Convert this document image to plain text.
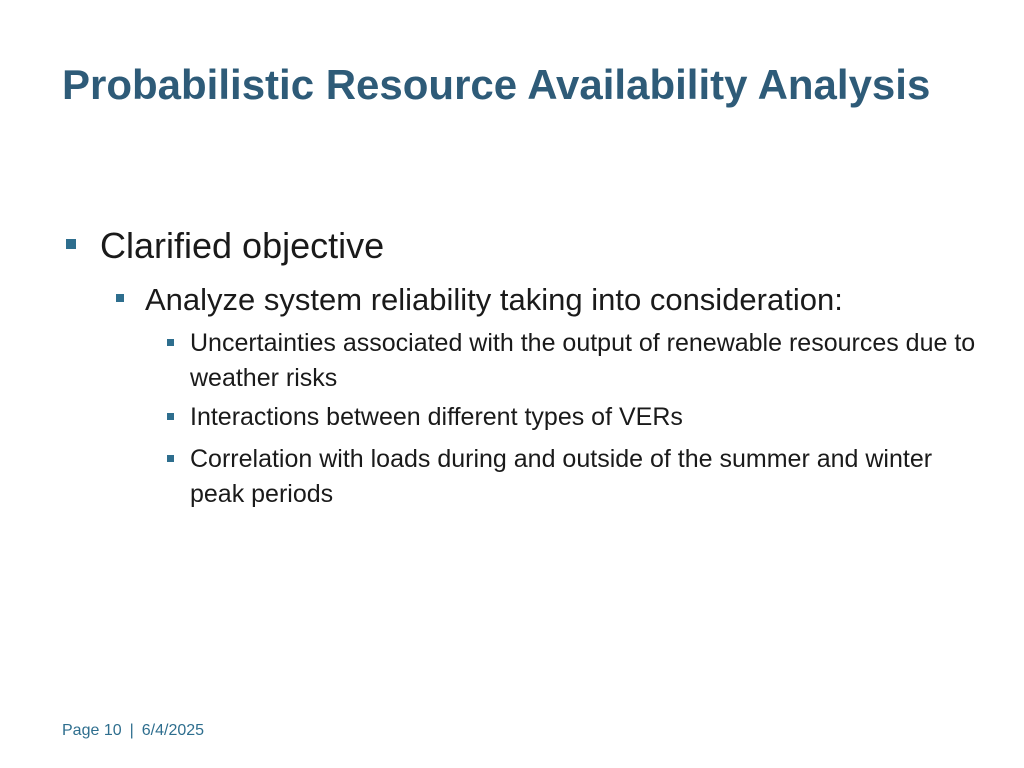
Probabilistic Resource Availability Analysis
Clarified objective
Analyze system reliability taking into consideration:
Uncertainties associated with the output of renewable resources due to weather risks
Interactions between different types of VERs
Correlation with loads during and outside of the summer and winter peak periods
Page 10 | 6/4/2025
